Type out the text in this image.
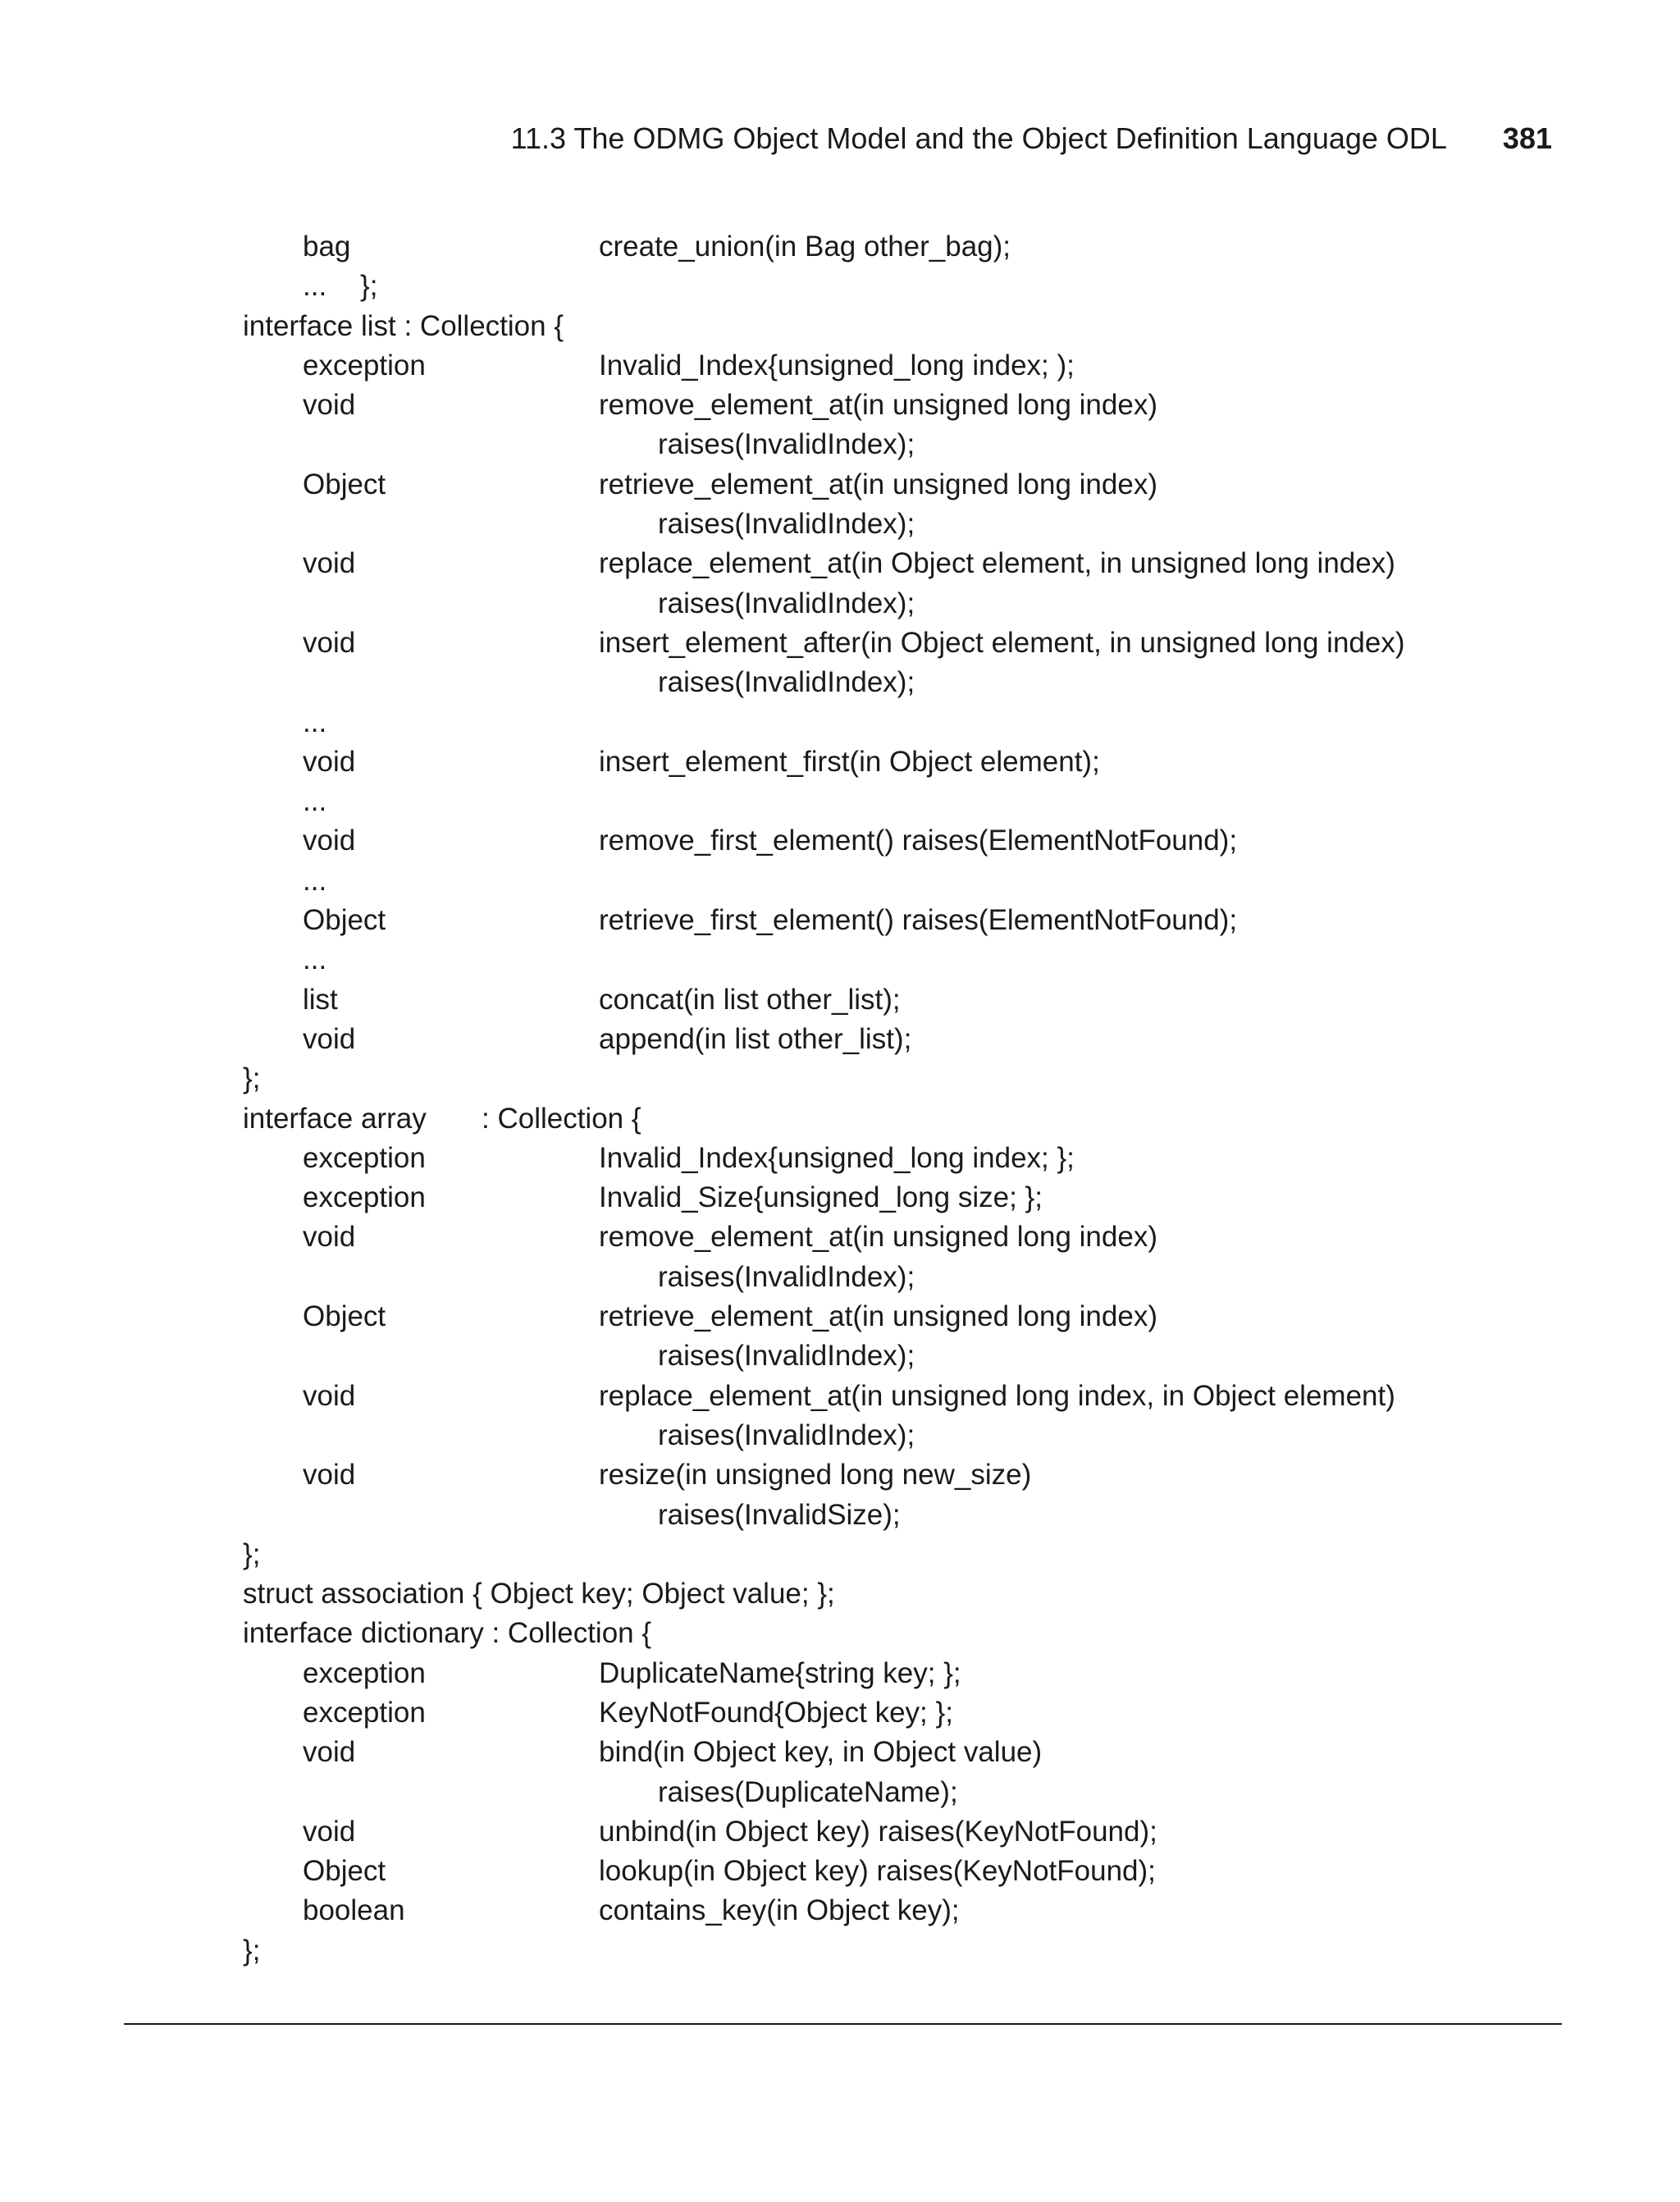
11.3 The ODMG Object Model and the Object Definition Language ODL 381
bag	create_union(in Bag other_bag);
... };
interface list : Collection {
exception	Invalid_Index{unsigned_long index; );
void	remove_element_at(in unsigned long index)
raises(InvalidIndex);
Object	retrieve_element_at(in unsigned long index)
raises(InvalidIndex);
void	replace_element_at(in Object element, in unsigned long index)
raises(InvalidIndex);
void	insert_element_after(in Object element, in unsigned long index)
raises(InvalidIndex);
...
void	insert_element_first(in Object element);
...
void	remove_first_element() raises(ElementNotFound);
...
Object	retrieve_first_element() raises(ElementNotFound);
...
list	concat(in list other_list);
void	append(in list other_list);
};
interface array : Collection {
exception	Invalid_Index{unsigned_long index; };
exception	Invalid_Size{unsigned_long size; };
void	remove_element_at(in unsigned long index)
raises(InvalidIndex);
Object	retrieve_element_at(in unsigned long index)
raises(InvalidIndex);
void	replace_element_at(in unsigned long index, in Object element)
raises(InvalidIndex);
void	resize(in unsigned long new_size)
raises(InvalidSize);
};
struct association { Object key; Object value; };
interface dictionary : Collection {
exception	DuplicateName{string key; };
exception	KeyNotFound{Object key; };
void	bind(in Object key, in Object value)
raises(DuplicateName);
void	unbind(in Object key) raises(KeyNotFound);
Object	lookup(in Object key) raises(KeyNotFound);
boolean	contains_key(in Object key);
};
